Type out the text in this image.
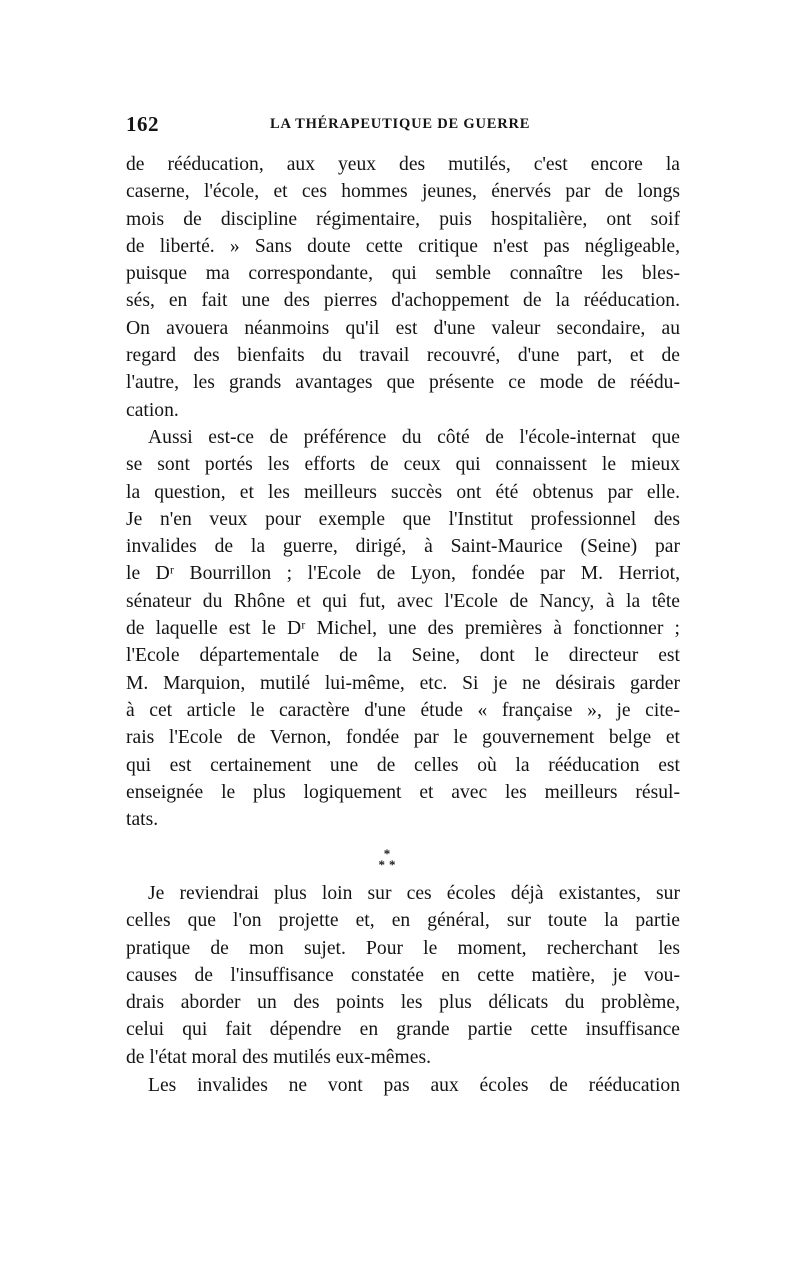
162	LA THÉRAPEUTIQUE DE GUERRE
de rééducation, aux yeux des mutilés, c'est encore la
caserne, l'école, et ces hommes jeunes, énervés par de longs
mois de discipline régimentaire, puis hospitalière, ont soif
de liberté. » Sans doute cette critique n'est pas négligeable,
puisque ma correspondante, qui semble connaître les bles-
sés, en fait une des pierres d'achoppement de la rééducation.
On avouera néanmoins qu'il est d'une valeur secondaire, au
regard des bienfaits du travail recouvré, d'une part, et de
l'autre, les grands avantages que présente ce mode de réédu-
cation.
Aussi est-ce de préférence du côté de l'école-internat que
se sont portés les efforts de ceux qui connaissent le mieux
la question, et les meilleurs succès ont été obtenus par elle.
Je n'en veux pour exemple que l'Institut professionnel des
invalides de la guerre, dirigé, à Saint-Maurice (Seine) par
le Dʳ Bourrillon ; l'Ecole de Lyon, fondée par M. Herriot,
sénateur du Rhône et qui fut, avec l'Ecole de Nancy, à la tête
de laquelle est le Dʳ Michel, une des premières à fonctionner ;
l'Ecole départementale de la Seine, dont le directeur est
M. Marquion, mutilé lui-même, etc. Si je ne désirais garder
à cet article le caractère d'une étude « française », je cite-
rais l'Ecole de Vernon, fondée par le gouvernement belge et
qui est certainement une de celles où la rééducation est
enseignée le plus logiquement et avec les meilleurs résul-
tats.
*
**
Je reviendrai plus loin sur ces écoles déjà existantes, sur
celles que l'on projette et, en général, sur toute la partie
pratique de mon sujet. Pour le moment, recherchant les
causes de l'insuffisance constatée en cette matière, je vou-
drais aborder un des points les plus délicats du problème,
celui qui fait dépendre en grande partie cette insuffisance
de l'état moral des mutilés eux-mêmes.
Les invalides ne vont pas aux écoles de rééducation
